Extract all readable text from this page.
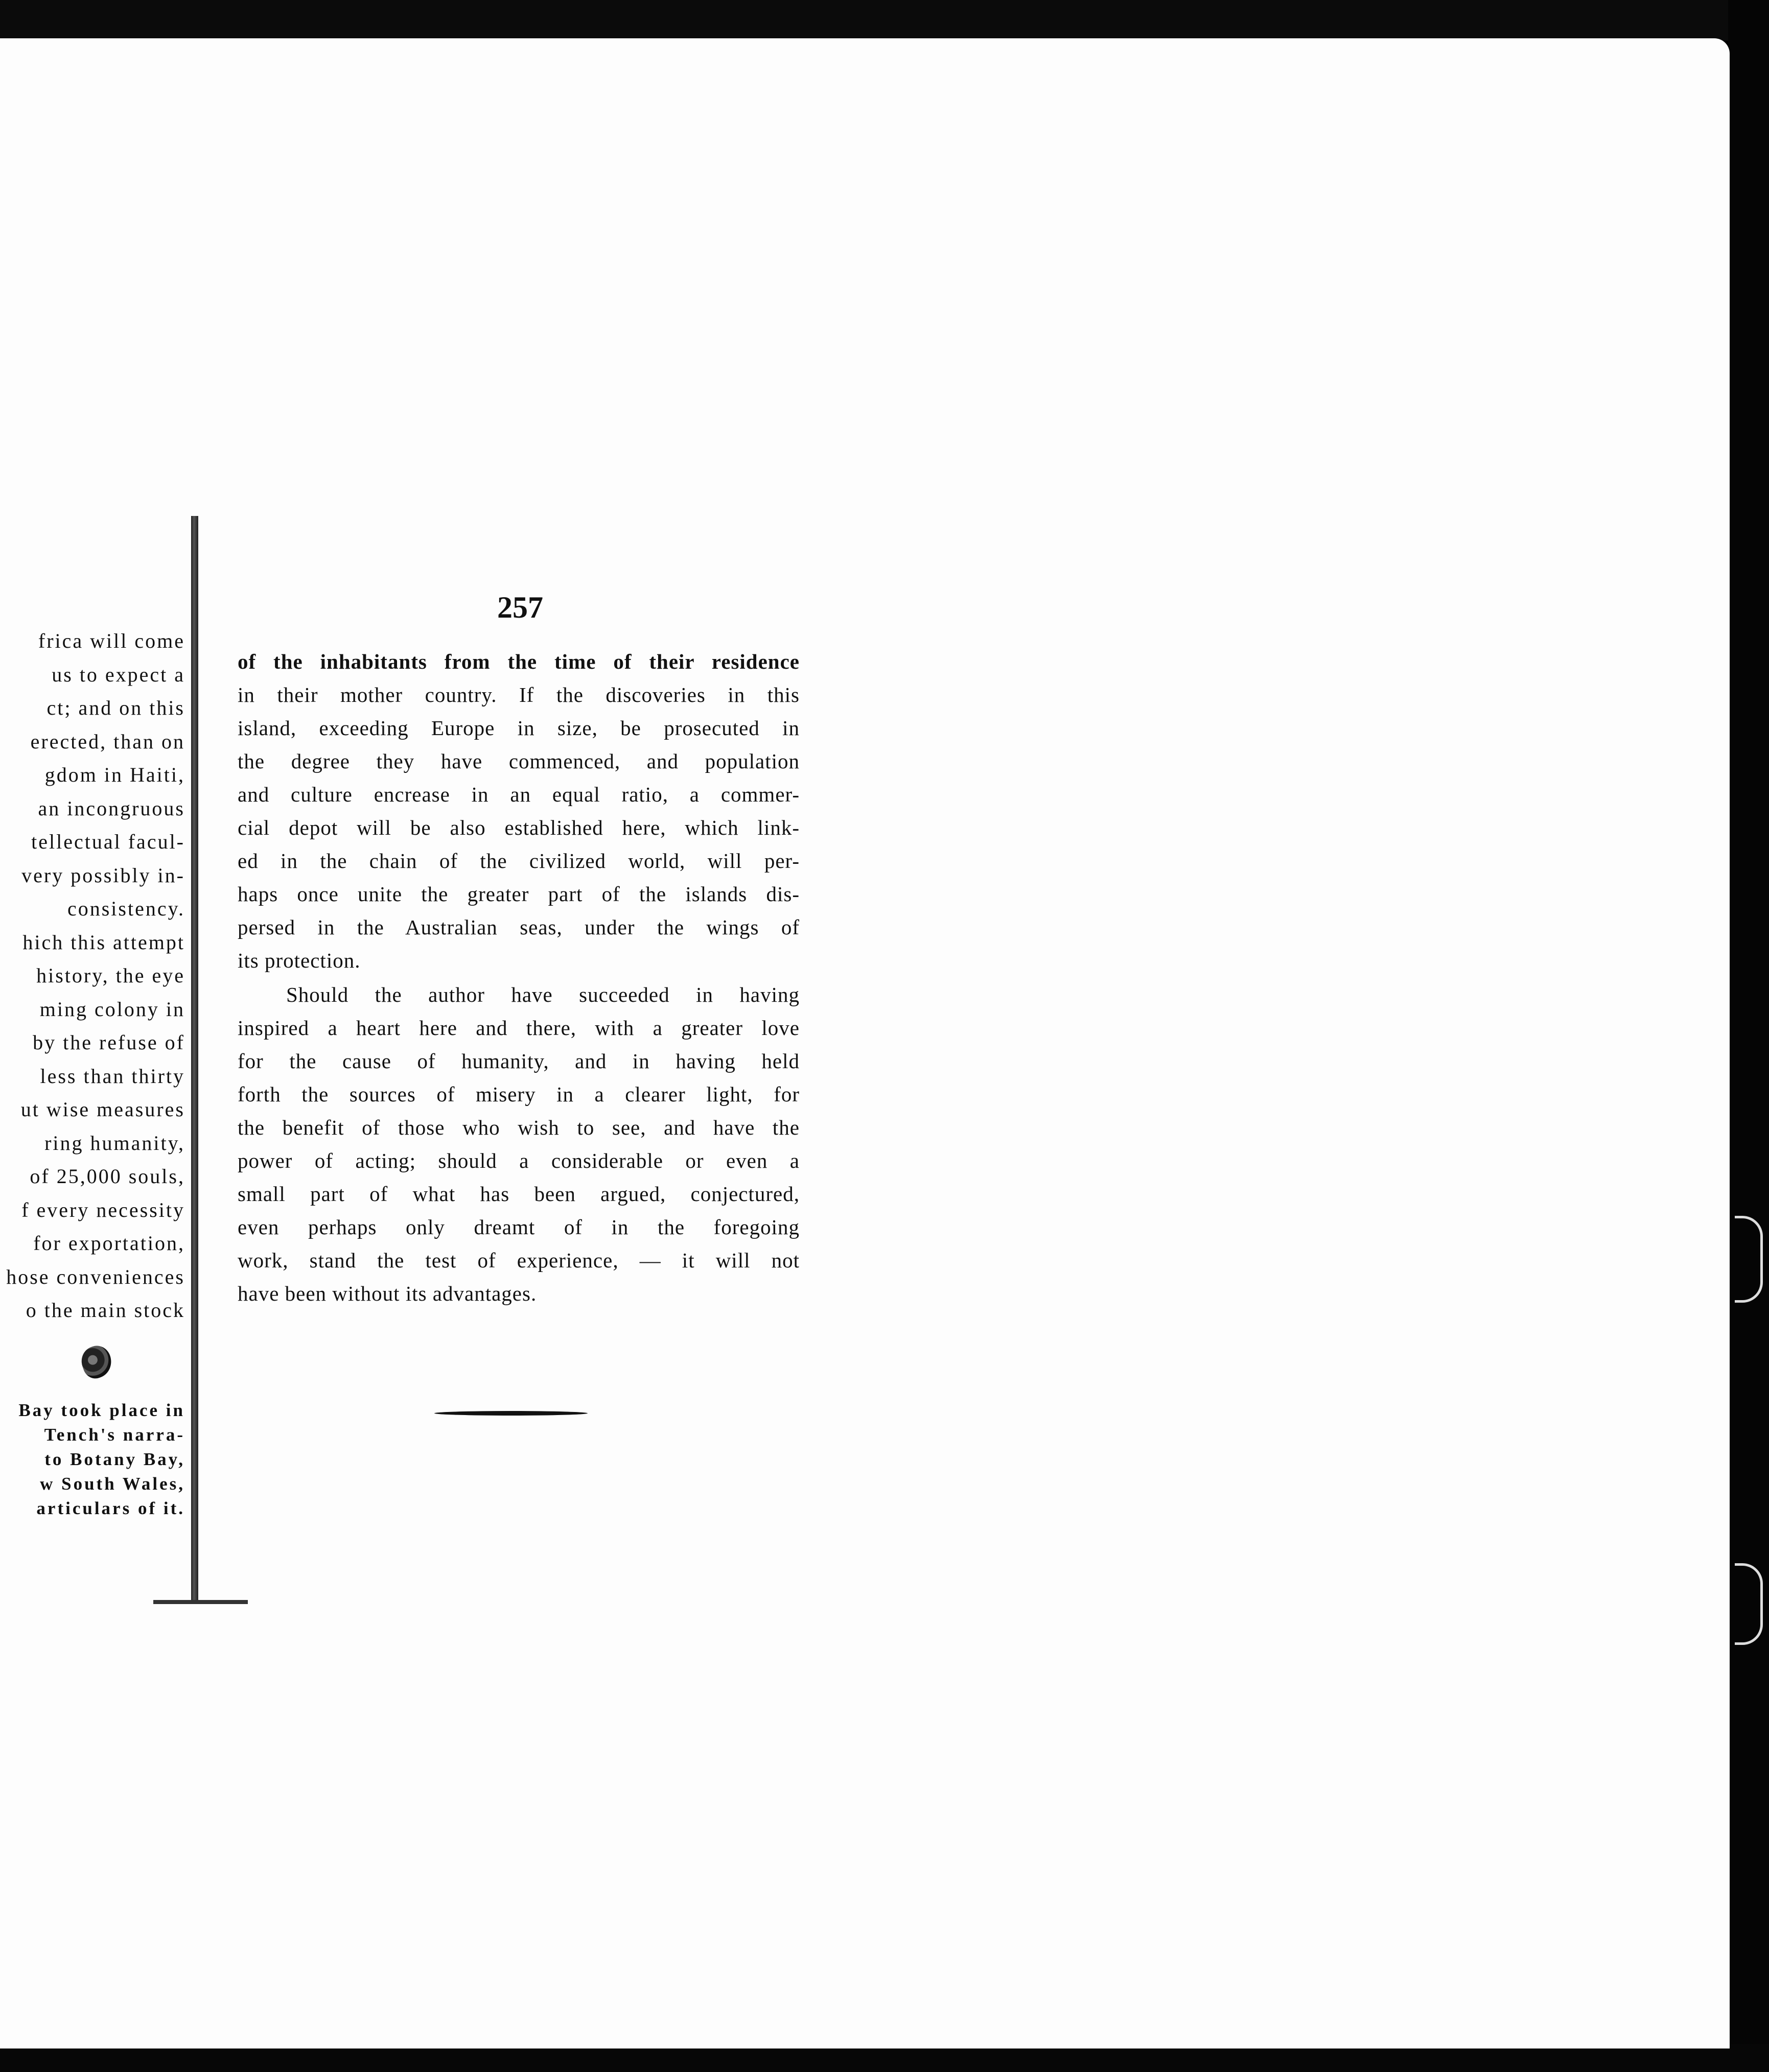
frica will come
us to expect a
ct; and on this
erected, than on
gdom in Haiti,
an incongruous
tellectual facul-
very possibly in-
consistency.
hich this attempt
history, the eye
ming colony in
by the refuse of
less than thirty
ut wise measures
ring humanity,
of 25,000 souls,
f every necessity
for exportation,
hose conveniences
o the main stock
Bay took place in
Tench's narra-
to Botany Bay,
w South Wales,
articulars of it.
257
of the inhabitants from the time of their residence
in their mother country. If the discoveries in this
island, exceeding Europe in size, be prosecuted in
the degree they have commenced, and population
and culture encrease in an equal ratio, a commer-
cial depot will be also established here, which link-
ed in the chain of the civilized world, will per-
haps once unite the greater part of the islands dis-
persed in the Australian seas, under the wings of
its protection.
Should the author have succeeded in having
inspired a heart here and there, with a greater love
for the cause of humanity, and in having held
forth the sources of misery in a clearer light, for
the benefit of those who wish to see, and have the
power of acting; should a considerable or even a
small part of what has been argued, conjectured,
even perhaps only dreamt of in the foregoing
work, stand the test of experience, — it will not
have been without its advantages.
